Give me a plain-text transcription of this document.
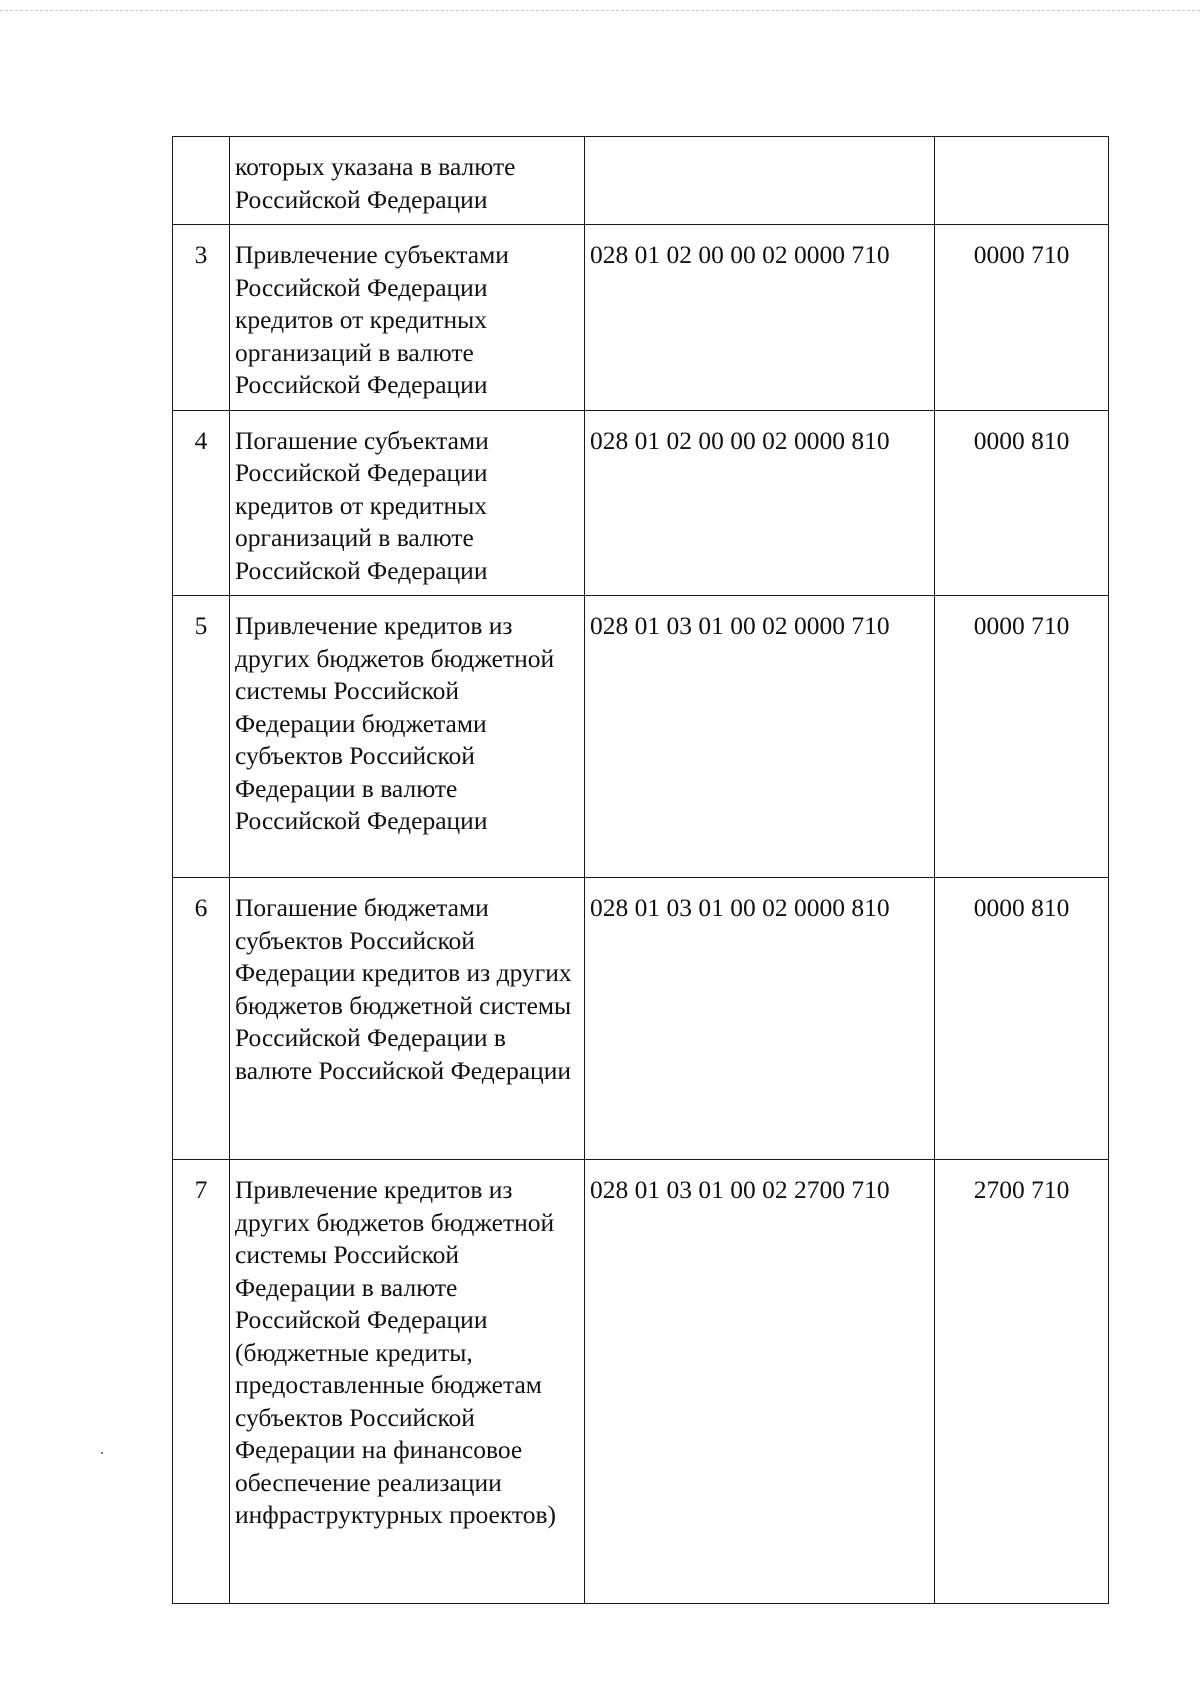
	которых указана в валюте Российской Федерации		
3	Привлечение субъектами Российской Федерации кредитов от кредитных организаций в валюте Российской Федерации	028 01 02 00 00 02 0000 710	0000 710
4	Погашение субъектами Российской Федерации кредитов от кредитных организаций в валюте Российской Федерации	028 01 02 00 00 02 0000 810	0000 810
5	Привлечение кредитов из других бюджетов бюджетной системы Российской Федерации бюджетами субъектов Российской Федерации в валюте Российской Федерации	028 01 03 01 00 02 0000 710	0000 710
6	Погашение бюджетами субъектов Российской Федерации кредитов из других бюджетов бюджетной системы Российской Федерации в валюте Российской Федерации	028 01 03 01 00 02 0000 810	0000 810
7	Привлечение кредитов из других бюджетов бюджетной системы Российской Федерации в валюте Российской Федерации (бюджетные кредиты, предоставленные бюджетам субъектов Российской Федерации на финансовое обеспечение реализации инфраструктурных проектов)	028 01 03 01 00 02 2700 710	2700 710
